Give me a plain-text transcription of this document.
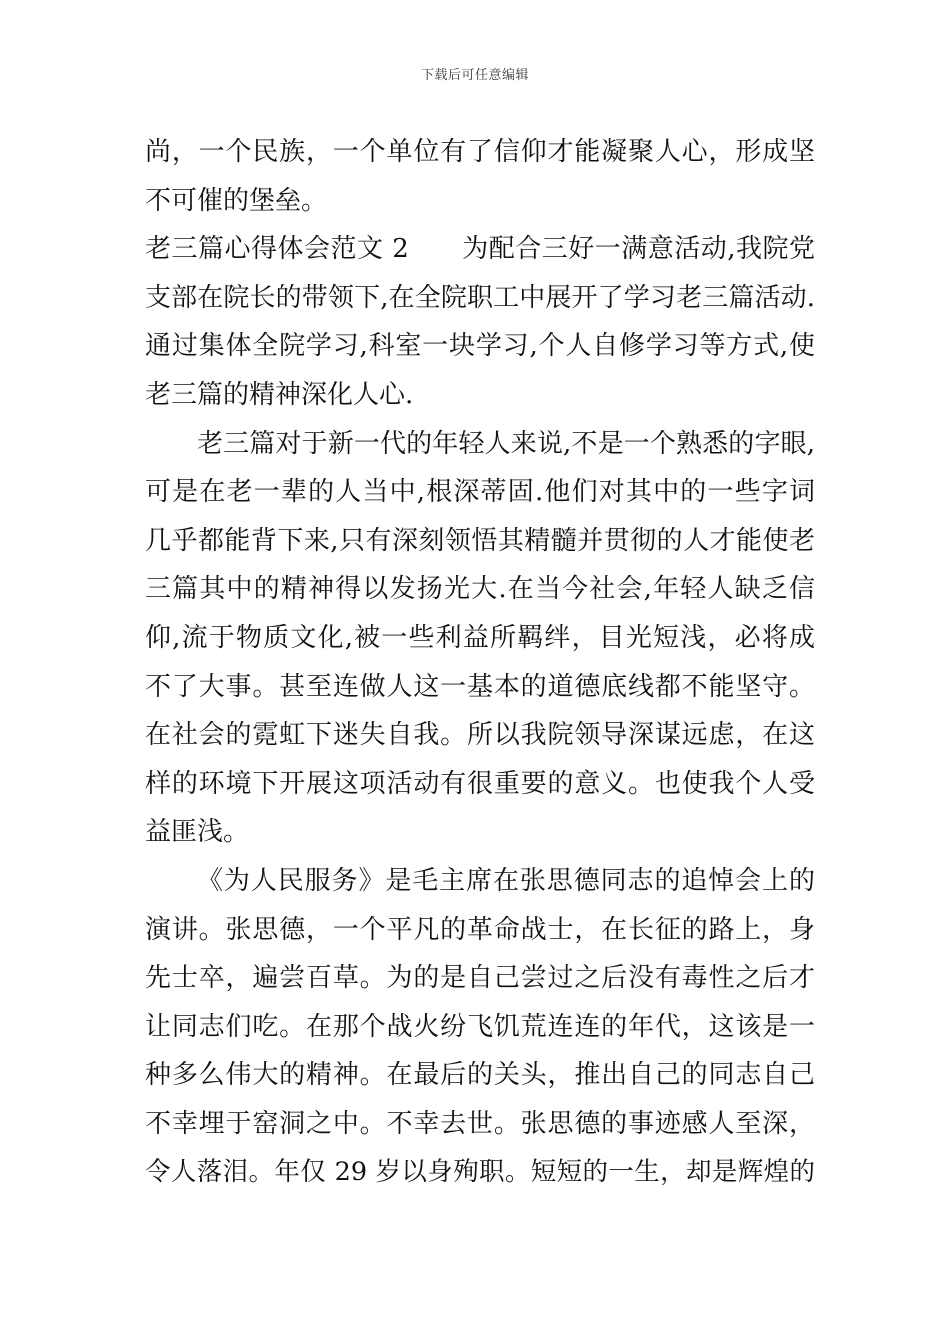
下载后可任意编辑
尚，一个民族，一个单位有了信仰才能凝聚人心，形成坚
不可催的堡垒。
老三篇心得体会范文 2　　为配合三好一满意活动,我院党
支部在院长的带领下,在全院职工中展开了学习老三篇活动.
通过集体全院学习,科室一块学习,个人自修学习等方式,使
老三篇的精神深化人心.
老三篇对于新一代的年轻人来说,不是一个熟悉的字眼,
可是在老一辈的人当中,根深蒂固.他们对其中的一些字词
几乎都能背下来,只有深刻领悟其精髓并贯彻的人才能使老
三篇其中的精神得以发扬光大.在当今社会,年轻人缺乏信
仰,流于物质文化,被一些利益所羁绊，目光短浅，必将成
不了大事。甚至连做人这一基本的道德底线都不能坚守。
在社会的霓虹下迷失自我。所以我院领导深谋远虑，在这
样的环境下开展这项活动有很重要的意义。也使我个人受
益匪浅。
《为人民服务》是毛主席在张思德同志的追悼会上的
演讲。张思德，一个平凡的革命战士，在长征的路上，身
先士卒，遍尝百草。为的是自己尝过之后没有毒性之后才
让同志们吃。在那个战火纷飞饥荒连连的年代，这该是一
种多么伟大的精神。在最后的关头，推出自己的同志自己
不幸埋于窑洞之中。不幸去世。张思德的事迹感人至深，
令人落泪。年仅 29 岁以身殉职。短短的一生，却是辉煌的
